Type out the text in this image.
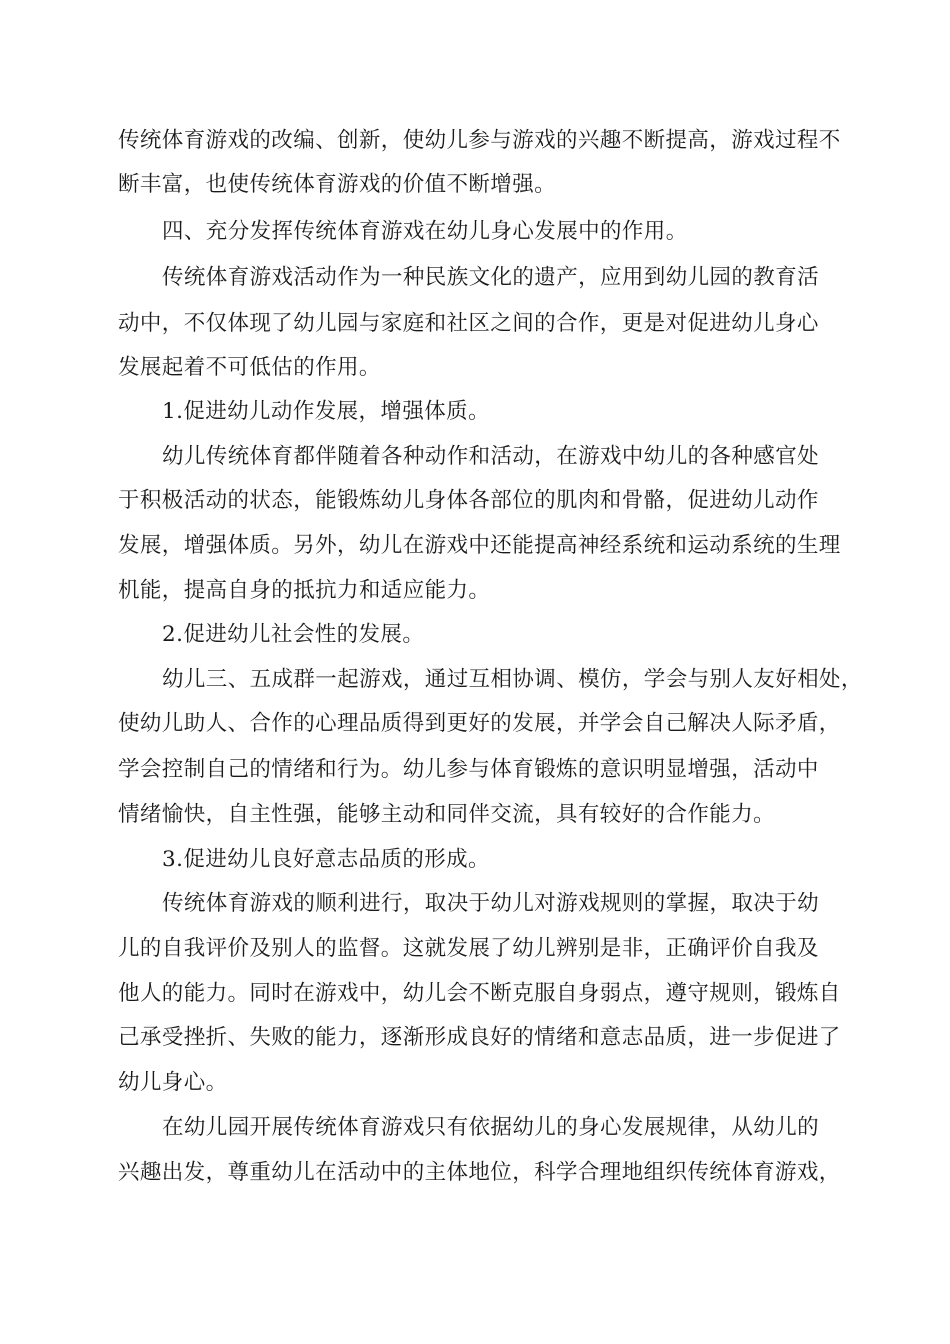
传统体育游戏的改编、创新，使幼儿参与游戏的兴趣不断提高，游戏过程不
断丰富，也使传统体育游戏的价值不断增强。
四、充分发挥传统体育游戏在幼儿身心发展中的作用。
传统体育游戏活动作为一种民族文化的遗产，应用到幼儿园的教育活
动中，不仅体现了幼儿园与家庭和社区之间的合作，更是对促进幼儿身心
发展起着不可低估的作用。
1.促进幼儿动作发展，增强体质。
幼儿传统体育都伴随着各种动作和活动，在游戏中幼儿的各种感官处
于积极活动的状态，能锻炼幼儿身体各部位的肌肉和骨骼，促进幼儿动作
发展，增强体质。另外，幼儿在游戏中还能提高神经系统和运动系统的生理
机能，提高自身的抵抗力和适应能力。
2.促进幼儿社会性的发展。
幼儿三、五成群一起游戏，通过互相协调、模仿，学会与别人友好相处，
使幼儿助人、合作的心理品质得到更好的发展，并学会自己解决人际矛盾，
学会控制自己的情绪和行为。幼儿参与体育锻炼的意识明显增强，活动中
情绪愉快，自主性强，能够主动和同伴交流，具有较好的合作能力。
3.促进幼儿良好意志品质的形成。
传统体育游戏的顺利进行，取决于幼儿对游戏规则的掌握，取决于幼
儿的自我评价及别人的监督。这就发展了幼儿辨别是非，正确评价自我及
他人的能力。同时在游戏中，幼儿会不断克服自身弱点，遵守规则，锻炼自
己承受挫折、失败的能力，逐渐形成良好的情绪和意志品质，进一步促进了
幼儿身心。
在幼儿园开展传统体育游戏只有依据幼儿的身心发展规律，从幼儿的
兴趣出发，尊重幼儿在活动中的主体地位，科学合理地组织传统体育游戏，
